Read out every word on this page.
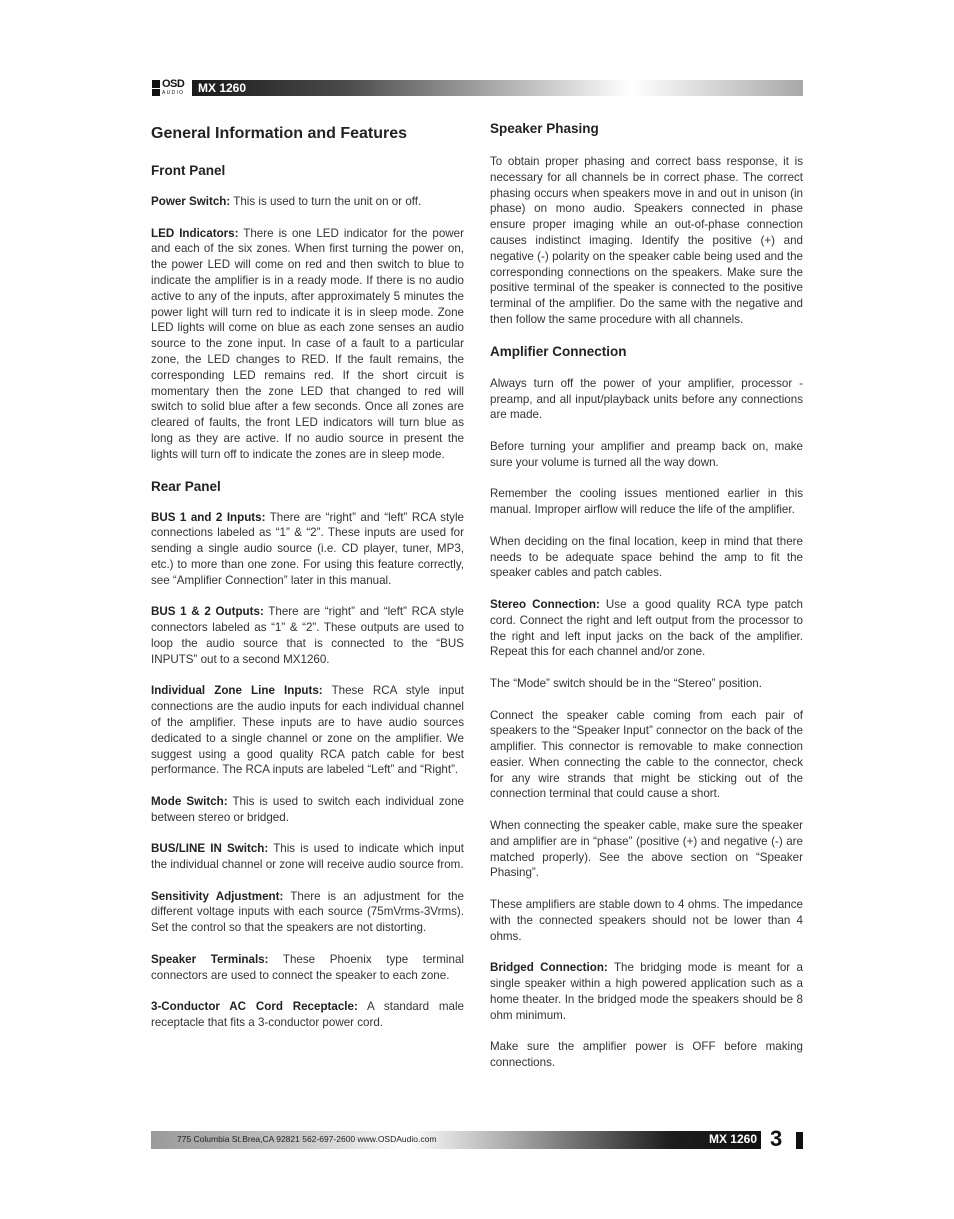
OSD
AUDIO MX 1260
General Information and Features
Front Panel

Power Switch: This is used to turn the unit on or off.

LED Indicators: There is one LED indicator for the power and each of the six zones. When first turning the power on, the power LED will come on red and then switch to blue to indicate the amplifier is in a ready mode. If there is no audio active to any of the inputs, after approximately 5 minutes the power light will turn red to indicate it is in sleep mode. Zone LED lights will come on blue as each zone senses an audio source to the zone input. In case of a fault to a particular zone, the LED changes to RED. If the fault remains, the corresponding LED remains red. If the short circuit is momentary then the zone LED that changed to red will switch to solid blue after a few seconds. Once all zones are cleared of faults, the front LED indicators will turn blue as long as they are active. If no audio source in present the lights will turn off to indicate the zones are in sleep mode.

Rear Panel

BUS 1 and 2 Inputs: There are “right” and “left” RCA style connections labeled as “1” & “2”. These inputs are used for sending a single audio source (i.e. CD player, tuner, MP3, etc.) to more than one zone. For using this feature correctly, see “Amplifier Connection” later in this manual.

BUS 1 & 2 Outputs: There are “right” and “left” RCA style connectors labeled as “1” & “2”. These outputs are used to loop the audio source that is connected to the “BUS INPUTS” out to a second MX1260.

Individual Zone Line Inputs: These RCA style input connections are the audio inputs for each individual channel of the amplifier. These inputs are to have audio sources dedicated to a single channel or zone on the amplifier. We suggest using a good quality RCA patch cable for best performance. The RCA inputs are labeled “Left” and “Right”.

Mode Switch: This is used to switch each individual zone between stereo or bridged.

BUS/LINE IN Switch: This is used to indicate which input the individual channel or zone will receive audio source from.

Sensitivity Adjustment: There is an adjustment for the different voltage inputs with each source (75mVrms-3Vrms). Set the control so that the speakers are not distorting.

Speaker Terminals: These Phoenix type terminal connectors are used to connect the speaker to each zone.

3-Conductor AC Cord Receptacle: A standard male receptacle that fits a 3-conductor power cord.

Speaker Phasing

To obtain proper phasing and correct bass response, it is necessary for all channels be in correct phase. The correct phasing occurs when speakers move in and out in unison (in phase) on mono audio. Speakers connected in phase ensure proper imaging while an out-of-phase connection causes indistinct imaging. Identify the positive (+) and negative (-) polarity on the speaker cable being used and the corresponding connections on the speakers. Make sure the positive terminal of the speaker is connected to the positive terminal of the amplifier. Do the same with the negative and then follow the same procedure with all channels.

Amplifier Connection

Always turn off the power of your amplifier, processor - preamp, and all input/playback units before any connections are made.

Before turning your amplifier and preamp back on, make sure your volume is turned all the way down.

Remember the cooling issues mentioned earlier in this manual. Improper airflow will reduce the life of the amplifier.

When deciding on the final location, keep in mind that there needs to be adequate space behind the amp to fit the speaker cables and patch cables.

Stereo Connection: Use a good quality RCA type patch cord. Connect the right and left output from the processor to the right and left input jacks on the back of the amplifier. Repeat this for each channel and/or zone.

The “Mode” switch should be in the “Stereo” position.

Connect the speaker cable coming from each pair of speakers to the “Speaker Input” connector on the back of the amplifier. This connector is removable to make connection easier. When connecting the cable to the connector, check for any wire strands that might be sticking out of the connection terminal that could cause a short.

When connecting the speaker cable, make sure the speaker and amplifier are in “phase” (positive (+) and negative (-) are matched properly). See the above section on “Speaker Phasing”.

These amplifiers are stable down to 4 ohms. The impedance with the connected speakers should not be lower than 4 ohms.

Bridged Connection: The bridging mode is meant for a single speaker within a high powered application such as a home theater. In the bridged mode the speakers should be 8 ohm minimum.

Make sure the amplifier power is OFF before making connections.

775 Columbia St.Brea,CA 92821 562-697-2600 www.OSDAudio.com	MX 1260 3
